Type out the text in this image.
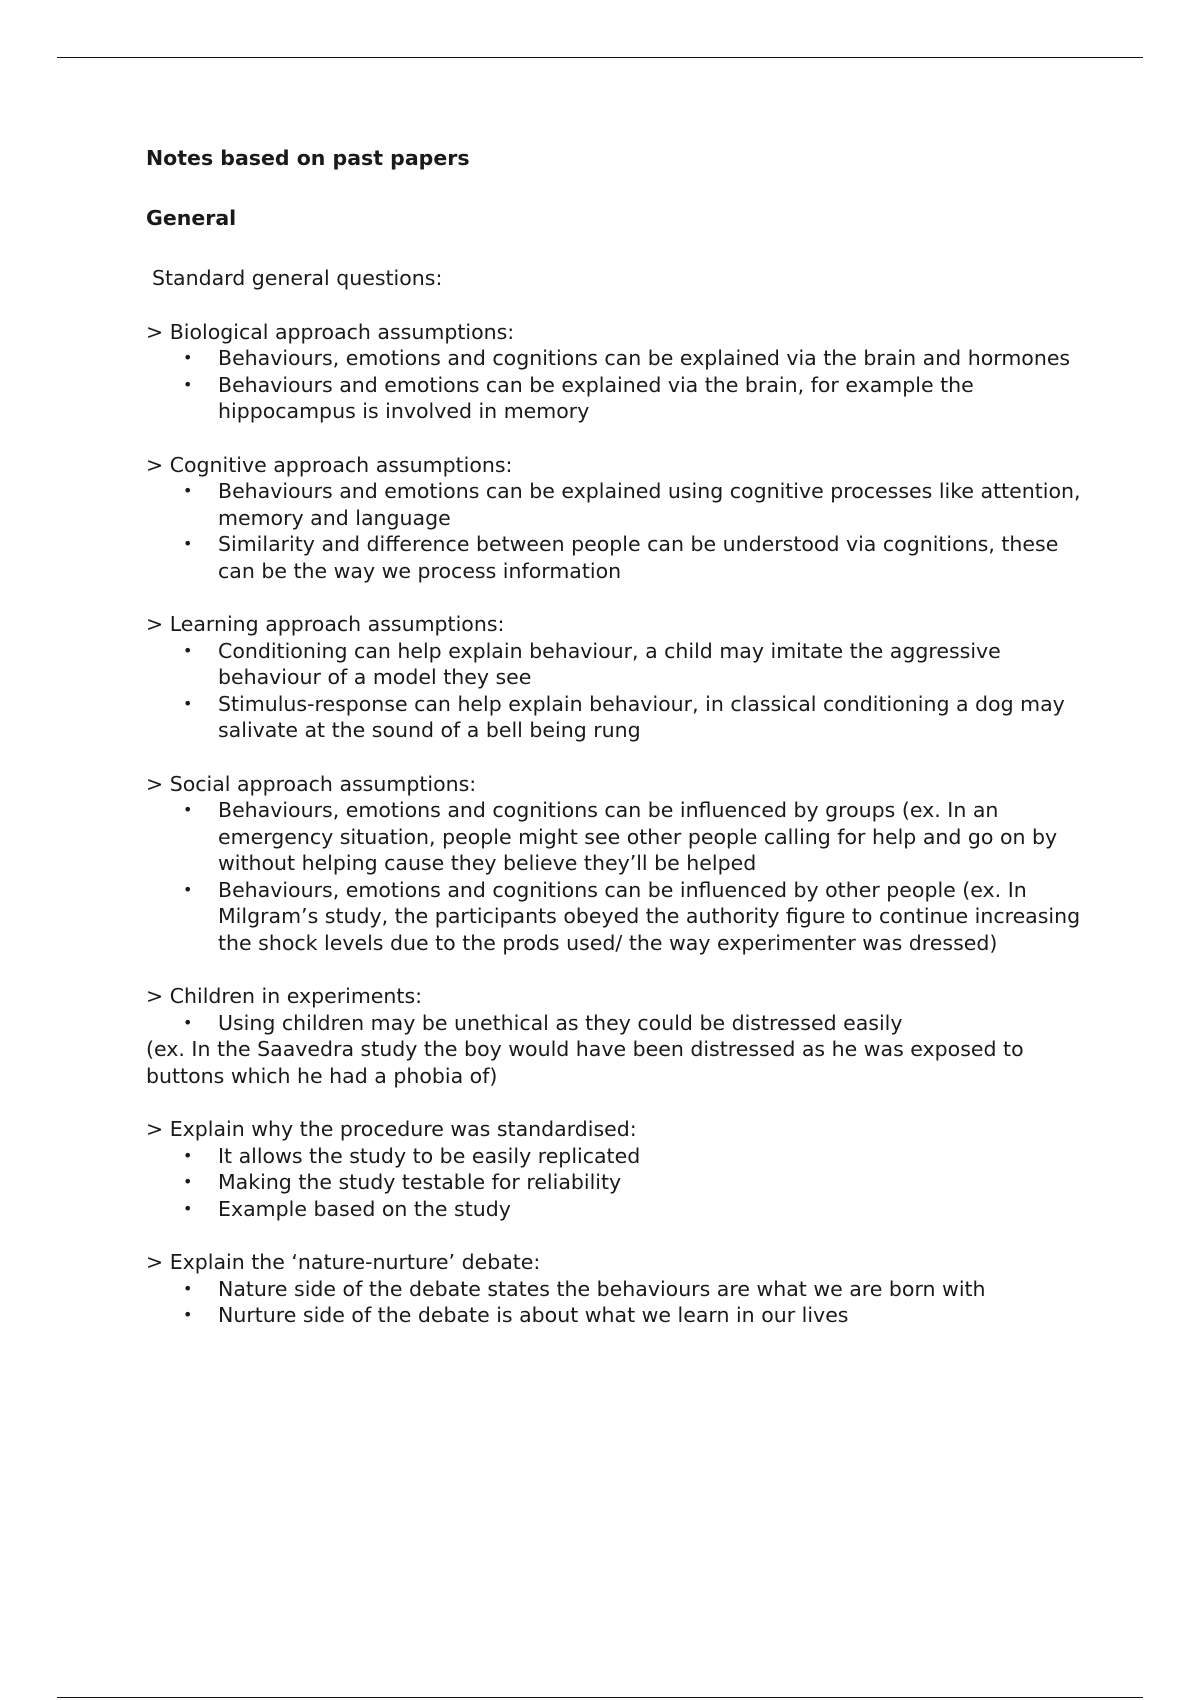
Notes based on past papers

General

Standard general questions:

> Biological approach assumptions:

• Behaviours, emotions and cognitions can be explained via the brain and hormones
• Behaviours and emotions can be explained via the brain, for example the hippocampus is involved in memory

> Cognitive approach assumptions:

• Behaviours and emotions can be explained using cognitive processes like attention, memory and language
• Similarity and difference between people can be understood via cognitions, these can be the way we process information

> Learning approach assumptions:

• Conditioning can help explain behaviour, a child may imitate the aggressive behaviour of a model they see
• Stimulus-response can help explain behaviour, in classical conditioning a dog may salivate at the sound of a bell being rung

> Social approach assumptions:

• Behaviours, emotions and cognitions can be influenced by groups (ex. In an emergency situation, people might see other people calling for help and go on by without helping cause they believe they’ll be helped
• Behaviours, emotions and cognitions can be influenced by other people (ex. In Milgram’s study, the participants obeyed the authority figure to continue increasing the shock levels due to the prods used/ the way experimenter was dressed)

> Children in experiments:

• Using children may be unethical as they could be distressed easily

(ex. In the Saavedra study the boy would have been distressed as he was exposed to buttons which he had a phobia of)

> Explain why the procedure was standardised:

• It allows the study to be easily replicated
• Making the study testable for reliability
• Example based on the study

> Explain the ‘nature-nurture’ debate:

• Nature side of the debate states the behaviours are what we are born with
• Nurture side of the debate is about what we learn in our lives
